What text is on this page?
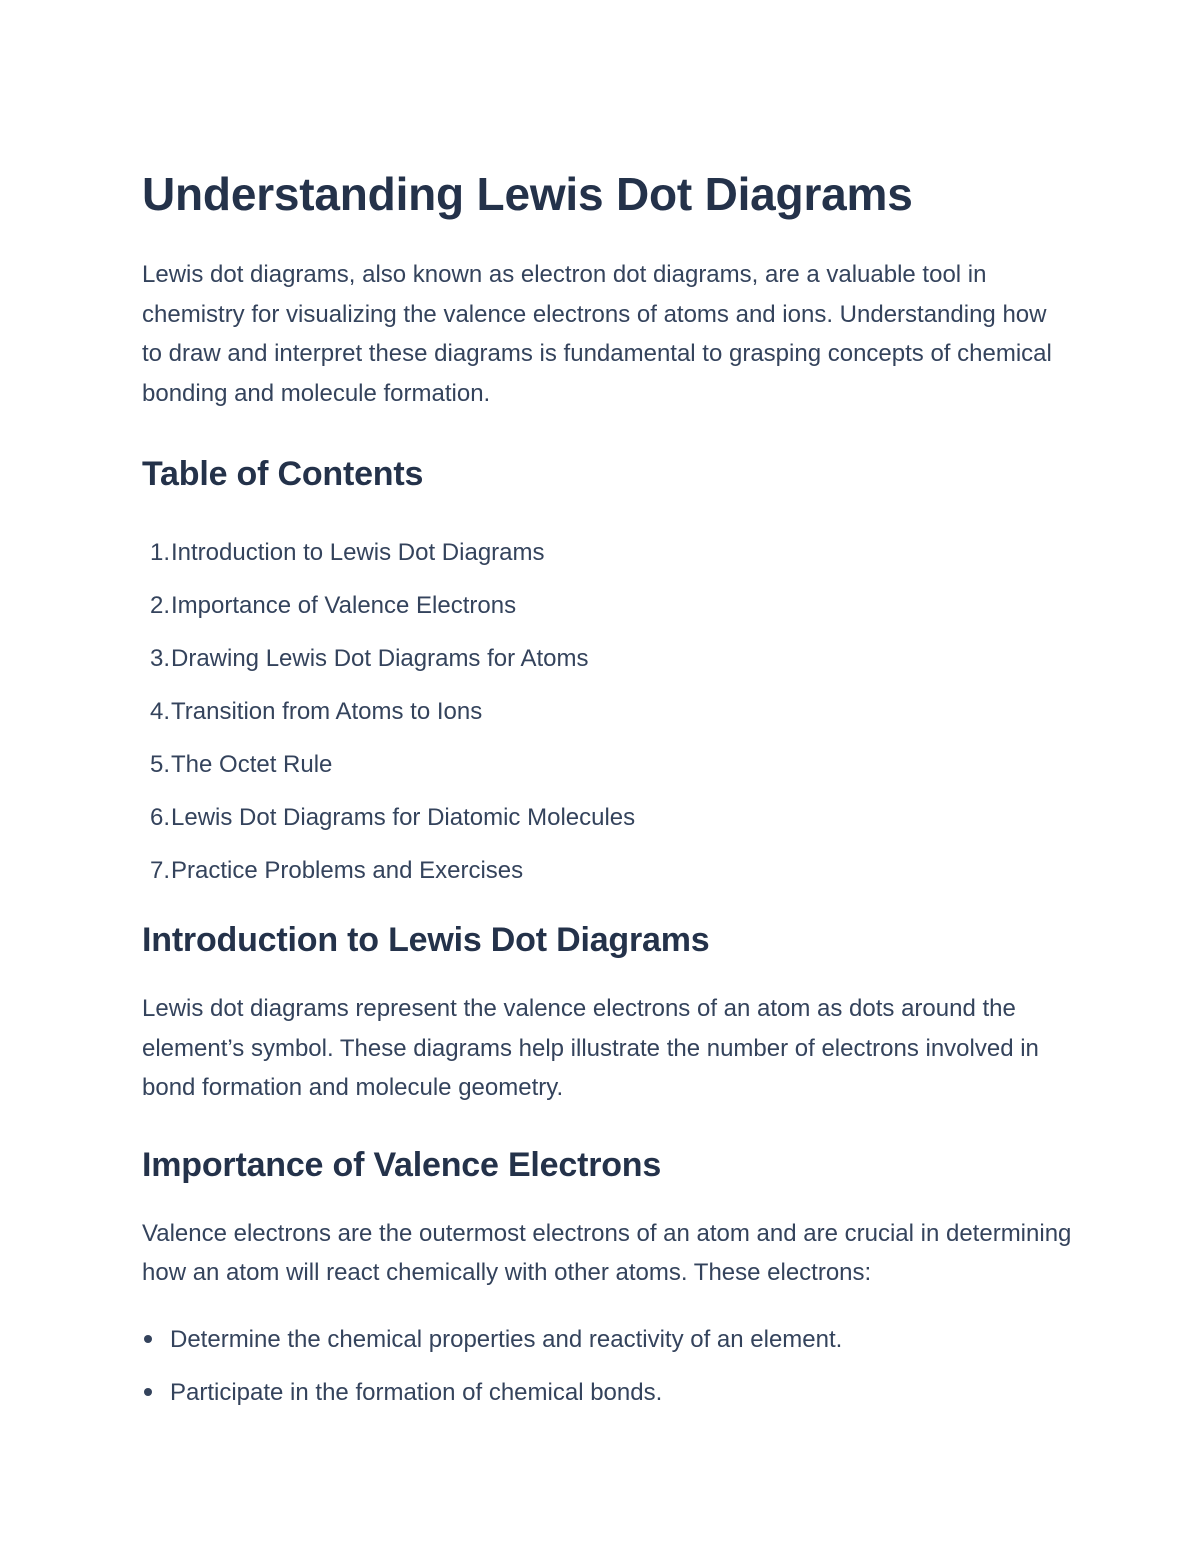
Understanding Lewis Dot Diagrams

Lewis dot diagrams, also known as electron dot diagrams, are a valuable tool in chemistry for visualizing the valence electrons of atoms and ions. Understanding how to draw and interpret these diagrams is fundamental to grasping concepts of chemical bonding and molecule formation.

Table of Contents
1. Introduction to Lewis Dot Diagrams
2. Importance of Valence Electrons
3. Drawing Lewis Dot Diagrams for Atoms
4. Transition from Atoms to Ions
5. The Octet Rule
6. Lewis Dot Diagrams for Diatomic Molecules
7. Practice Problems and Exercises
Introduction to Lewis Dot Diagrams

Lewis dot diagrams represent the valence electrons of an atom as dots around the element’s symbol. These diagrams help illustrate the number of electrons involved in bond formation and molecule geometry.

Importance of Valence Electrons

Valence electrons are the outermost electrons of an atom and are crucial in determining how an atom will react chemically with other atoms. These electrons:

Determine the chemical properties and reactivity of an element.
Participate in the formation of chemical bonds.
